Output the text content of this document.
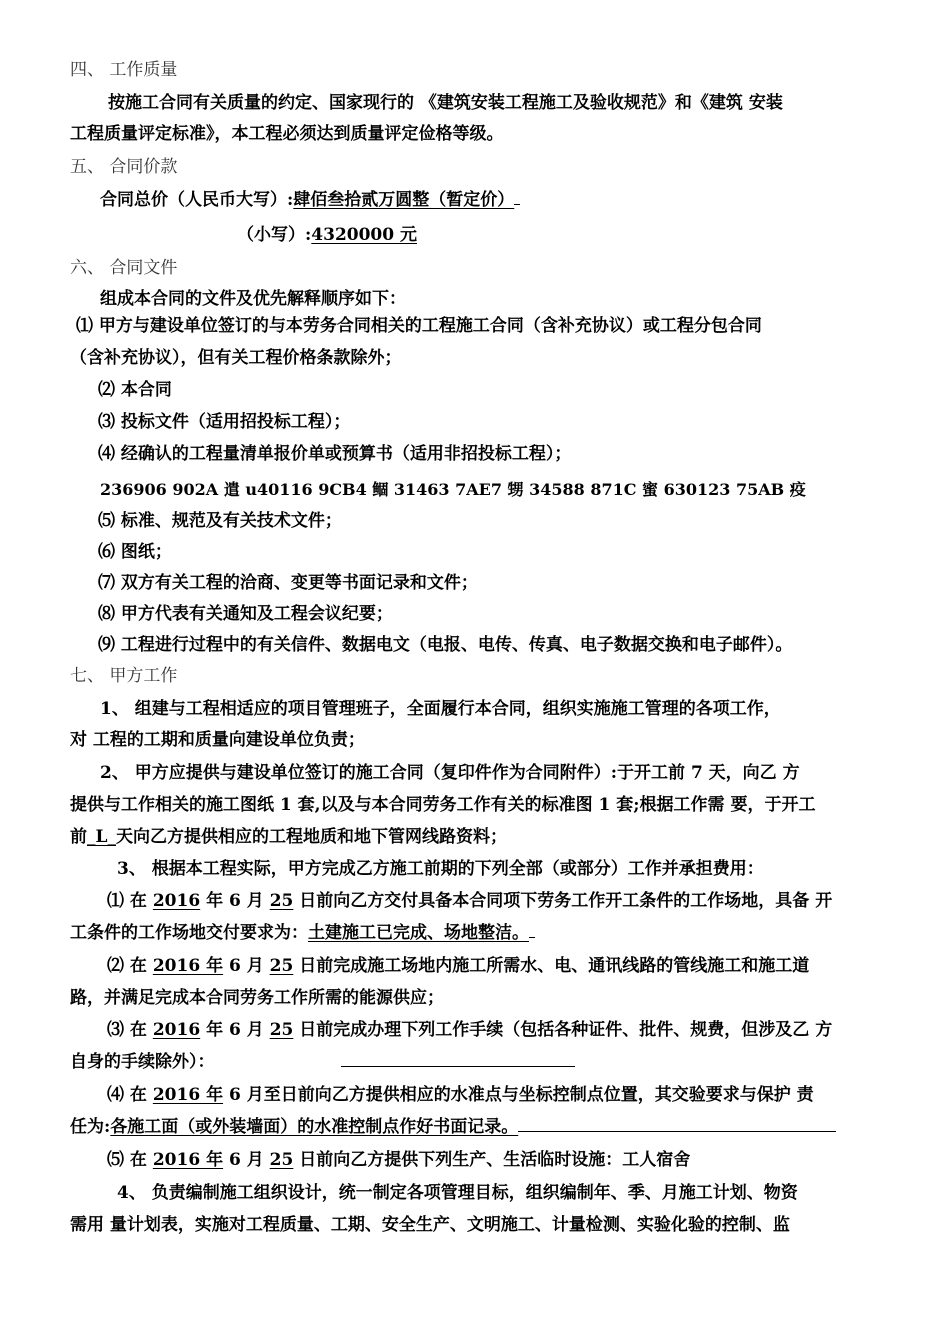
四、 工作质量
按施工合同有关质量的约定、国家现行的 《建筑安装工程施工及验收规范》和《建筑 安装
工程质量评定标准》，本工程必须达到质量评定俭格等级。
五、 合同价款
合同总价（人民币大写）:肆佰叁拾贰万圆整（暂定价）
（小写）:4320000 元
六、 合同文件
组成本合同的文件及优先解释顺序如下：
⑴ 甲方与建设单位签订的与本劳务合同相关的工程施工合同（含补充协议）或工程分包合同
（含补充协议），但有关工程价格条款除外；
⑵ 本合同
⑶ 投标文件（适用招投标工程）；
⑷ 经确认的工程量清单报价单或预算书（适用非招投标工程）；
236906 902A 遣 u40116 9CB4 鲴 31463 7AE7 甥 34588 871C 蜜 630123 75AB 疫
⑸ 标准、规范及有关技术文件；
⑹ 图纸；
⑺ 双方有关工程的洽商、变更等书面记录和文件；
⑻ 甲方代表有关通知及工程会议纪要；
⑼ 工程进行过程中的有关信件、数据电文（电报、电传、传真、电子数据交换和电子邮件）。
七、 甲方工作
1、 组建与工程相适应的项目管理班子，全面履行本合同，组织实施施工管理的各项工作，
对 工程的工期和质量向建设单位负责；
2、 甲方应提供与建设单位签订的施工合同（复印件作为合同附件）:于开工前 7 天，向乙 方
提供与工作相关的施工图纸 1 套,以及与本合同劳务工作有关的标准图 1 套;根据工作需 要，于开工
前_L_天向乙方提供相应的工程地质和地下管网线路资料；
3、 根据本工程实际，甲方完成乙方施工前期的下列全部（或部分）工作并承担费用：
⑴ 在 2016 年 6 月 25 日前向乙方交付具备本合同项下劳务工作开工条件的工作场地，具备 开
工条件的工作场地交付要求为：土建施工已完成、场地整洁。
⑵ 在 2016 年 6 月 25 日前完成施工场地内施工所需水、电、通讯线路的管线施工和施工道
路，并满足完成本合同劳务工作所需的能源供应；
⑶ 在 2016 年 6 月 25 日前完成办理下列工作手续（包括各种证件、批件、规费，但涉及乙 方
自身的手续除外）：
⑷ 在 2016 年 6 月至日前向乙方提供相应的水准点与坐标控制点位置，其交验要求与保护 责
任为:各施工面（或外装墙面）的水准控制点作好书面记录。
⑸ 在 2016 年 6 月 25 日前向乙方提供下列生产、生活临时设施：工人宿舍
4、 负责编制施工组织设计，统一制定各项管理目标，组织编制年、季、月施工计划、物资
需用 量计划表，实施对工程质量、工期、安全生产、文明施工、计量检测、实验化验的控制、监
